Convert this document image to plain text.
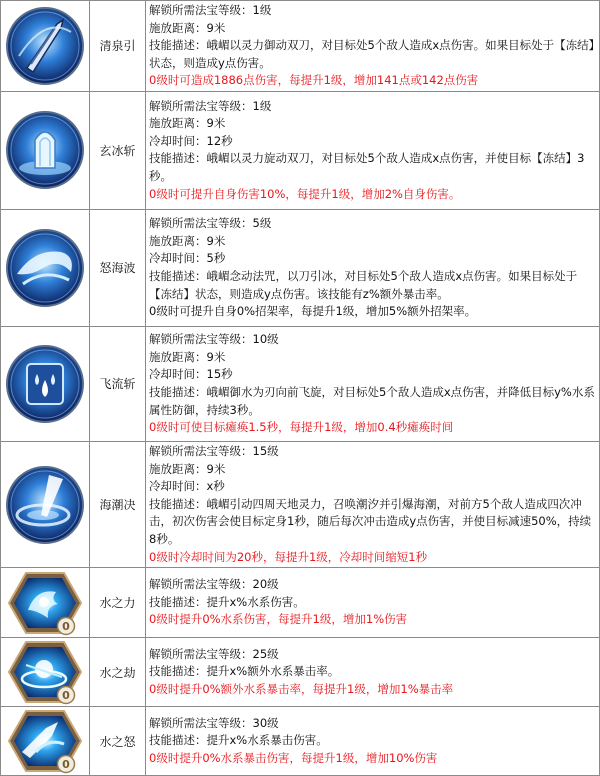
	清泉引	解锁所需法宝等级：1级
施放距离：9米
技能描述：峨嵋以灵力御动双刀，对目标处5个敌人造成x点伤害。如果目标处于【冻结】状态，则造成y点伤害。
0级时可造成1886点伤害，每提升1级，增加141点或142点伤害

	玄冰斩	解锁所需法宝等级：1级
施放距离：9米
冷却时间：12秒
技能描述：峨嵋以灵力旋动双刀，对目标处5个敌人造成x点伤害，并使目标【冻结】3秒。
0级时可提升自身伤害10%，每提升1级，增加2%自身伤害。

	怒海波	解锁所需法宝等级：5级
施放距离：9米
冷却时间：5秒
技能描述：峨嵋念动法咒，以刀引冰，对目标处5个敌人造成x点伤害。如果目标处于【冻结】状态，则造成y点伤害。该技能有z%额外暴击率。
0级时可提升自身0%招架率，每提升1级，增加5%额外招架率。

	飞流斩	解锁所需法宝等级：10级
施放距离：9米
冷却时间：15秒
技能描述：峨嵋御水为刃向前飞旋，对目标处5个敌人造成x点伤害，并降低目标y%水系属性防御，持续3秒。
0级时可使目标瘫痪1.5秒，每提升1级，增加0.4秒瘫痪时间

	海潮决	解锁所需法宝等级：15级
施放距离：9米
冷却时间：x秒
技能描述：峨嵋引动四周天地灵力，召唤潮汐并引爆海潮，对前方5个敌人造成四次冲击，初次伤害会使目标定身1秒，随后每次冲击造成y点伤害，并使目标减速50%，持续8秒。
0级时冷却时间为20秒，每提升1级，冷却时间缩短1秒

0	水之力	解锁所需法宝等级：20级
技能描述：提升x%水系伤害。
0级时提升0%水系伤害，每提升1级，增加1%伤害

0	水之劫	解锁所需法宝等级：25级
技能描述：提升x%额外水系暴击率。
0级时提升0%额外水系暴击率，每提升1级，增加1%暴击率

0	水之怒	解锁所需法宝等级：30级
技能描述：提升x%水系暴击伤害。
0级时提升0%水系暴击伤害，每提升1级，增加10%伤害
